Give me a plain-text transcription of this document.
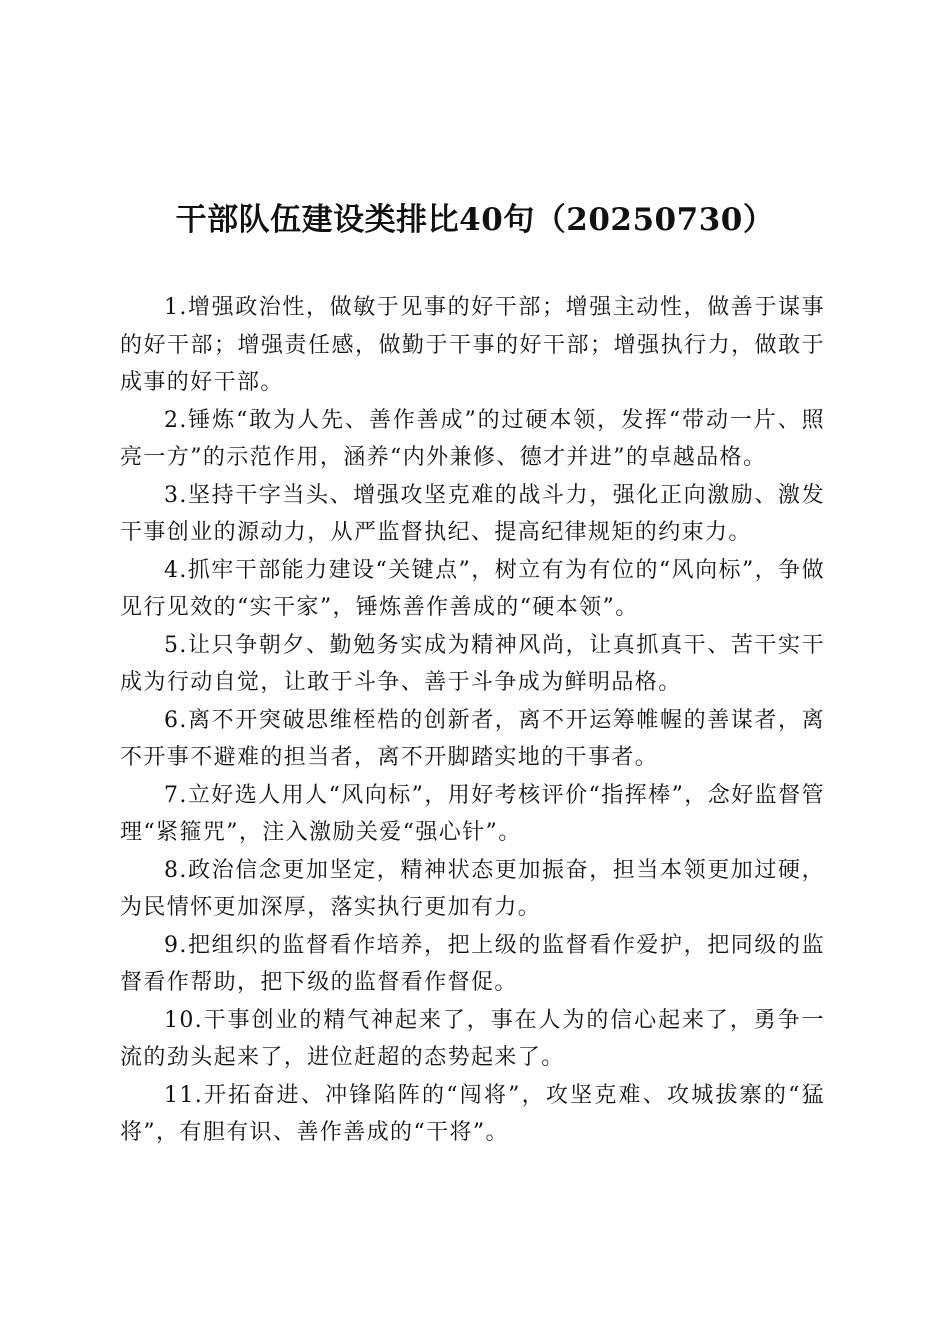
干部队伍建设类排比40句（20250730）

1.增强政治性，做敏于见事的好干部；增强主动性，做善于谋事的好干部；增强责任感，做勤于干事的好干部；增强执行力，做敢于成事的好干部。

2.锤炼“敢为人先、善作善成”的过硬本领，发挥“带动一片、照亮一方”的示范作用，涵养“内外兼修、德才并进”的卓越品格。

3.坚持干字当头、增强攻坚克难的战斗力，强化正向激励、激发干事创业的源动力，从严监督执纪、提高纪律规矩的约束力。

4.抓牢干部能力建设“关键点”，树立有为有位的“风向标”，争做见行见效的“实干家”，锤炼善作善成的“硬本领”。

5.让只争朝夕、勤勉务实成为精神风尚，让真抓真干、苦干实干成为行动自觉，让敢于斗争、善于斗争成为鲜明品格。

6.离不开突破思维桎梏的创新者，离不开运筹帷幄的善谋者，离不开事不避难的担当者，离不开脚踏实地的干事者。

7.立好选人用人“风向标”，用好考核评价“指挥棒”，念好监督管理“紧箍咒”，注入激励关爱“强心针”。

8.政治信念更加坚定，精神状态更加振奋，担当本领更加过硬，为民情怀更加深厚，落实执行更加有力。

9.把组织的监督看作培养，把上级的监督看作爱护，把同级的监督看作帮助，把下级的监督看作督促。

10.干事创业的精气神起来了，事在人为的信心起来了，勇争一流的劲头起来了，进位赶超的态势起来了。

11.开拓奋进、冲锋陷阵的“闯将”，攻坚克难、攻城拔寨的“猛将”，有胆有识、善作善成的“干将”。
